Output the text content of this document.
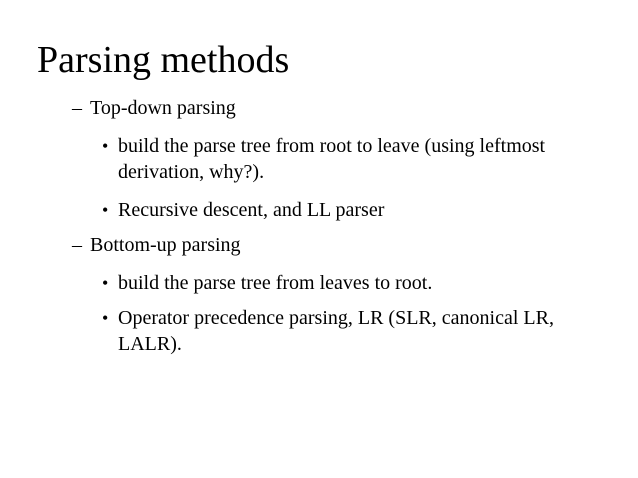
Parsing methods
– Top-down parsing
• build the parse tree from root to leave (using leftmost derivation, why?).
• Recursive descent, and LL parser
– Bottom-up parsing
• build the parse tree from leaves to root.
• Operator precedence parsing, LR (SLR, canonical LR, LALR).
